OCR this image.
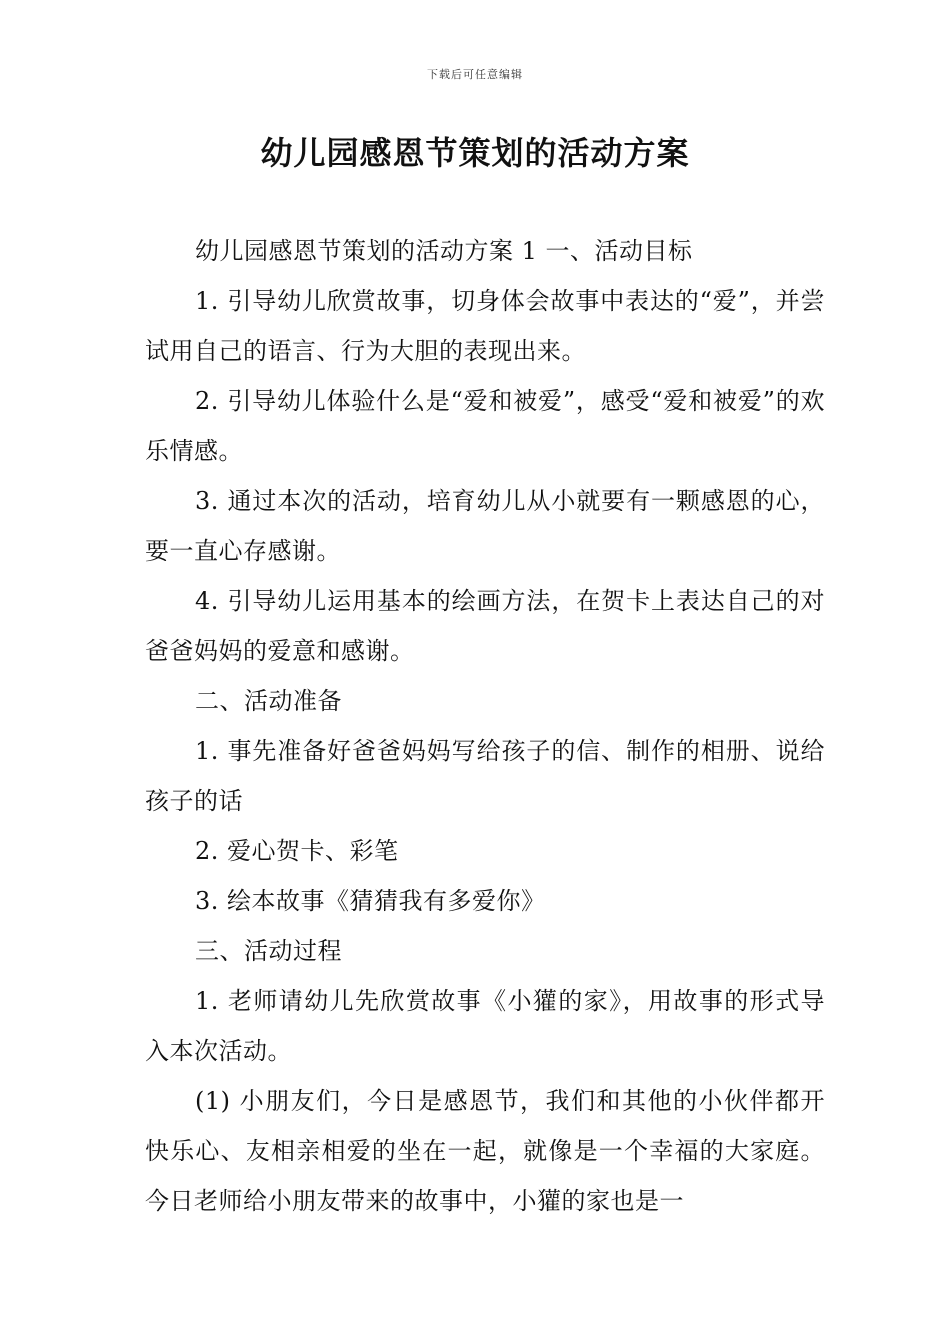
下载后可任意编辑
幼儿园感恩节策划的活动方案

幼儿园感恩节策划的活动方案 1 一、活动目标

1. 引导幼儿欣赏故事，切身体会故事中表达的“爱”，并尝试用自己的语言、行为大胆的表现出来。

2. 引导幼儿体验什么是“爱和被爱”，感受“爱和被爱”的欢乐情感。

3. 通过本次的活动，培育幼儿从小就要有一颗感恩的心，要一直心存感谢。

4. 引导幼儿运用基本的绘画方法，在贺卡上表达自己的对爸爸妈妈的爱意和感谢。

二、活动准备

1. 事先准备好爸爸妈妈写给孩子的信、制作的相册、说给孩子的话

2. 爱心贺卡、彩笔

3. 绘本故事《猜猜我有多爱你》

三、活动过程

1. 老师请幼儿先欣赏故事《小獾的家》，用故事的形式导入本次活动。

(1) 小朋友们，今日是感恩节，我们和其他的小伙伴都开快乐心、友相亲相爱的坐在一起，就像是一个幸福的大家庭。今日老师给小朋友带来的故事中，小獾的家也是一
